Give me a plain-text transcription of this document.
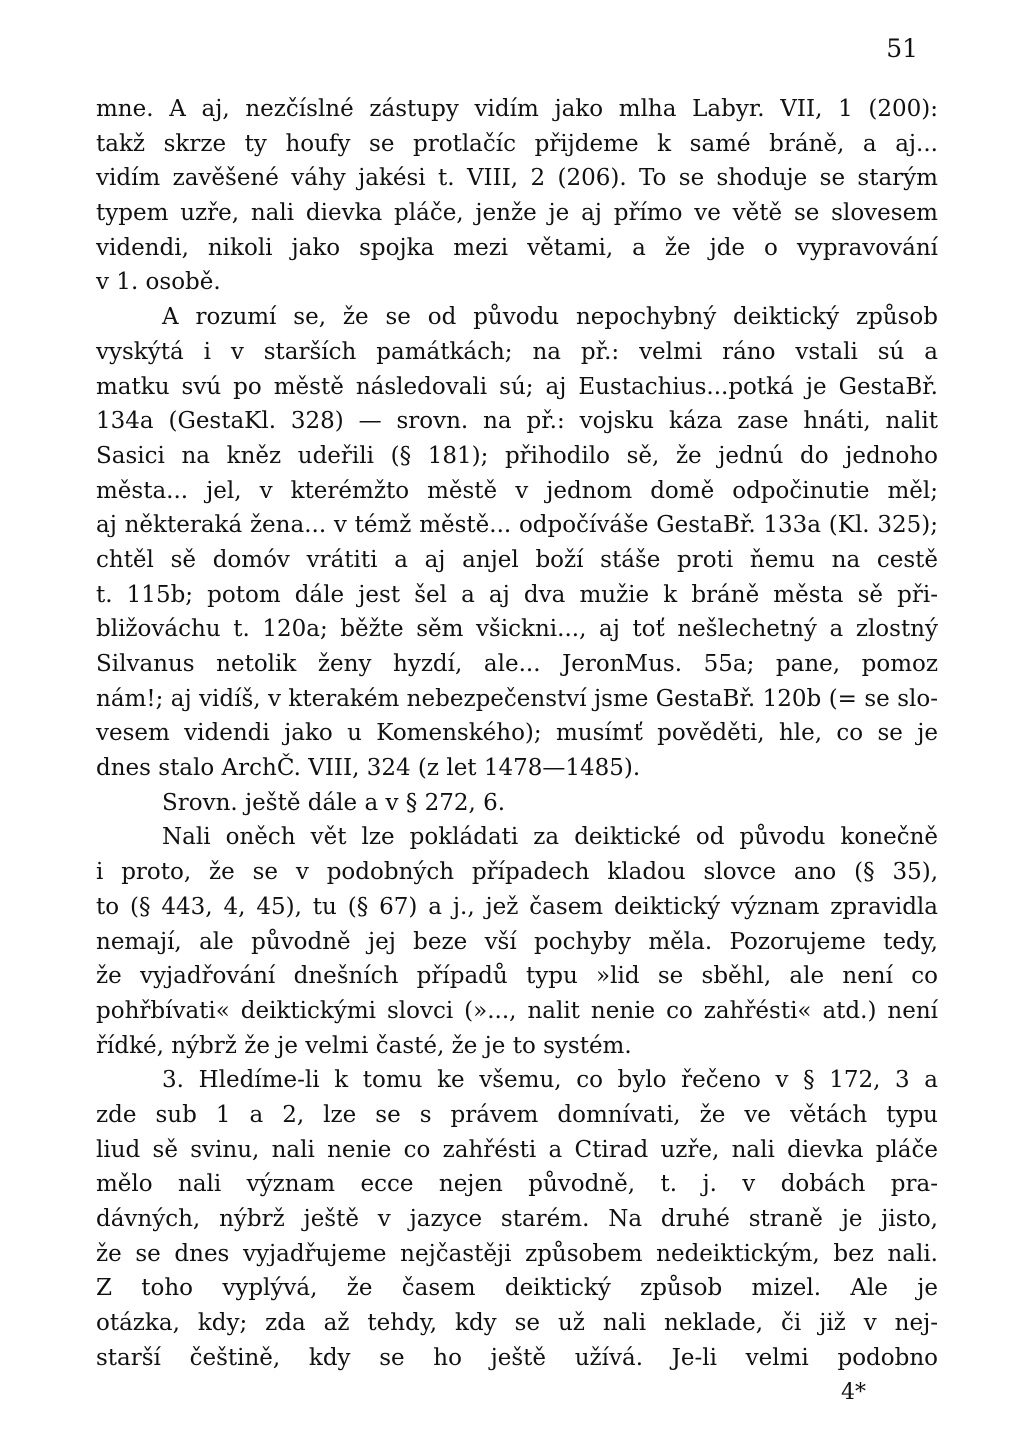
51
mne. A aj, nezčíslné zástupy vidím jako mlha Labyr. VII, 1 (200):
takž skrze ty houfy se protlačíc přijdeme k samé bráně, a aj...
vidím zavěšené váhy jakési t. VIII, 2 (206). To se shoduje se starým
typem uzře, nali dievka pláče, jenže je aj přímo ve větě se slovesem
videndi, nikoli jako spojka mezi větami, a že jde o vypravování
v 1. osobě.
A rozumí se, že se od původu nepochybný deiktický způsob
vyskýtá i v starších památkách; na př.: velmi ráno vstali sú a
matku svú po městě následovali sú; aj Eustachius...potká je GestaBř.
134a (GestaKl. 328) — srovn. na př.: vojsku káza zase hnáti, nalit
Sasici na kněz udeřili (§ 181); přihodilo sě, že jednú do jednoho
města... jel, v kterémžto městě v jednom domě odpočinutie měl;
aj některaká žena... v témž městě... odpočíváše GestaBř. 133a (Kl. 325);
chtěl sě domóv vrátiti a aj anjel boží stáše proti ňemu na cestě
t. 115b; potom dále jest šel a aj dva mužie k bráně města sě při-
bližováchu t. 120a; běžte sěm všickni..., aj toť nešlechetný a zlostný
Silvanus netolik ženy hyzdí, ale... JeronMus. 55a; pane, pomoz
nám!; aj vidíš, v kterakém nebezpečenství jsme GestaBř. 120b (= se slo-
vesem videndi jako u Komenského); musímť pověděti, hle, co se je
dnes stalo ArchČ. VIII, 324 (z let 1478—1485).
Srovn. ještě dále a v § 272, 6.
Nali oněch vět lze pokládati za deiktické od původu konečně
i proto, že se v podobných případech kladou slovce ano (§ 35),
to (§ 443, 4, 45), tu (§ 67) a j., jež časem deiktický význam zpravidla
nemají, ale původně jej beze vší pochyby měla. Pozorujeme tedy,
že vyjadřování dnešních případů typu »lid se sběhl, ale není co
pohřbívati« deiktickými slovci (»..., nalit nenie co zahřésti« atd.) není
řídké, nýbrž že je velmi časté, že je to systém.
3. Hledíme-li k tomu ke všemu, co bylo řečeno v § 172, 3 a
zde sub 1 a 2, lze se s právem domnívati, že ve větách typu
liud sě svinu, nali nenie co zahřésti a Ctirad uzře, nali dievka pláče
mělo nali význam ecce nejen původně, t. j. v dobách pra-
dávných, nýbrž ještě v jazyce starém. Na druhé straně je jisto,
že se dnes vyjadřujeme nejčastěji způsobem nedeiktickým, bez nali.
Z toho vyplývá, že časem deiktický způsob mizel. Ale je
otázka, kdy; zda až tehdy, kdy se už nali neklade, či již v nej-
starší češtině, kdy se ho ještě užívá. Je-li velmi podobno
4*
